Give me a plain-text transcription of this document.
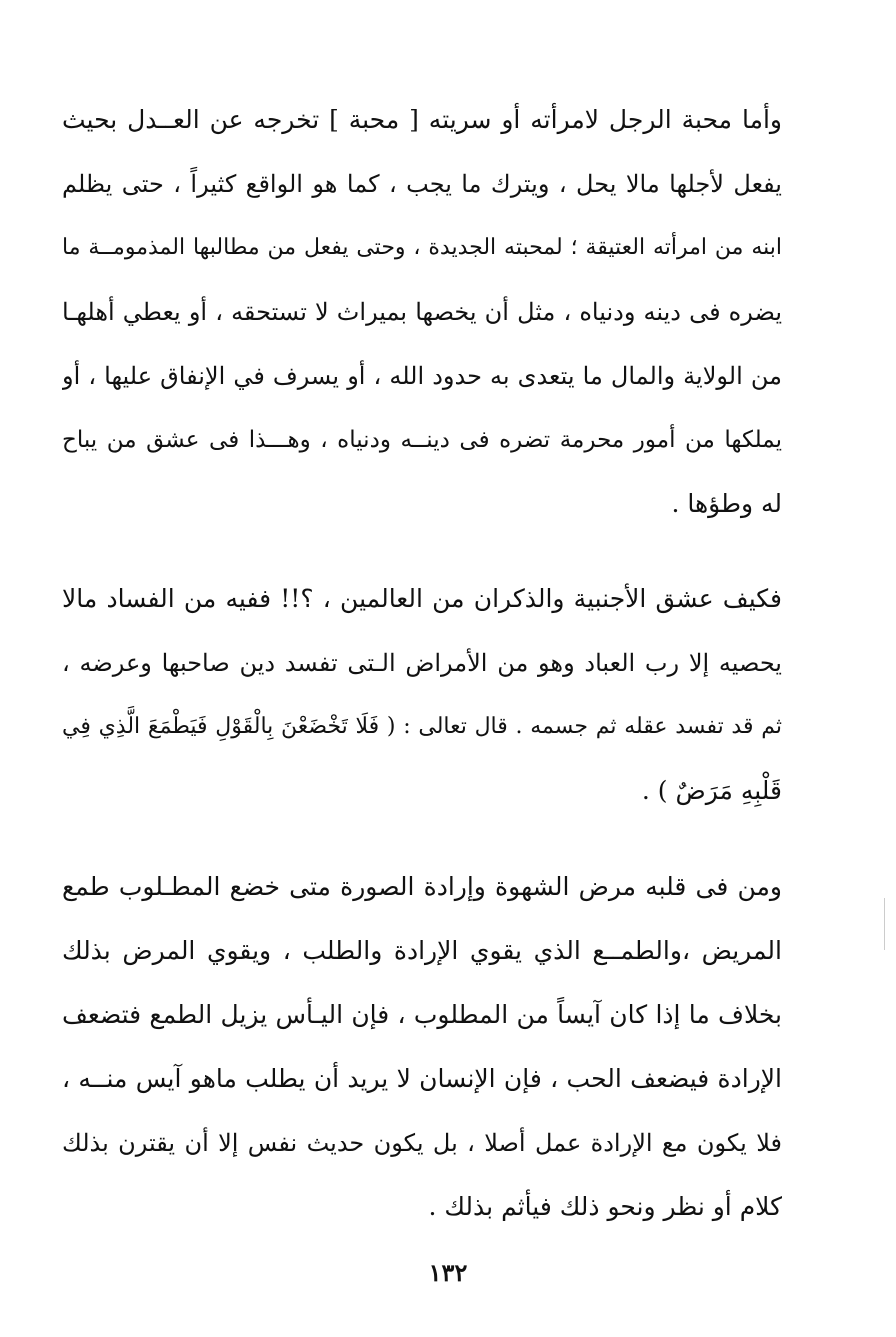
وأما محبة الرجل لامرأته أو سريته [ محبة ] تخرجه عن العــدل بحيث
يفعل لأجلها مالا يحل ، ويترك ما يجب ، كما هو الواقع كثيراً ، حتى يظلم
ابنه من امرأته العتيقة ؛ لمحبته الجديدة ، وحتى يفعل من مطالبها المذمومــة ما
يضره فى دينه ودنياه ، مثل أن يخصها بميراث لا تستحقه ، أو يعطي أهلهـا
من الولاية والمال ما يتعدى به حدود الله ، أو يسرف في الإنفاق عليها ، أو
يملكها من أمور محرمة تضره فى دينــه ودنياه ، وهـــذا فى عشق من يباح
له وطؤها .
فكيف عشق الأجنبية والذكران من العالمين ، ؟!! ففيه من الفساد مالا
يحصيه إلا رب العباد وهو من الأمراض الـتى تفسد دين صاحبها وعرضه ،
ثم قد تفسد عقله ثم جسمه . قال تعالى : ( فَلَا تَخْضَعْنَ بِالْقَوْلِ فَيَطْمَعَ الَّذِي فِي
قَلْبِهِ مَرَضٌ ) .
ومن فى قلبه مرض الشهوة وإرادة الصورة متى خضع المطـلوب طمع
المريض ،والطمــع الذي يقوي الإرادة والطلب ، ويقوي المرض بذلك
بخلاف ما إذا كان آيساً من المطلوب ، فإن اليـأس يزيل الطمع فتضعف
الإرادة فيضعف الحب ، فإن الإنسان لا يريد أن يطلب ماهو آيس منــه ،
فلا يكون مع الإرادة عمل أصلا ، بل يكون حديث نفس إلا أن يقترن بذلك
كلام أو نظر ونحو ذلك فيأثم بذلك .
١٣٢
